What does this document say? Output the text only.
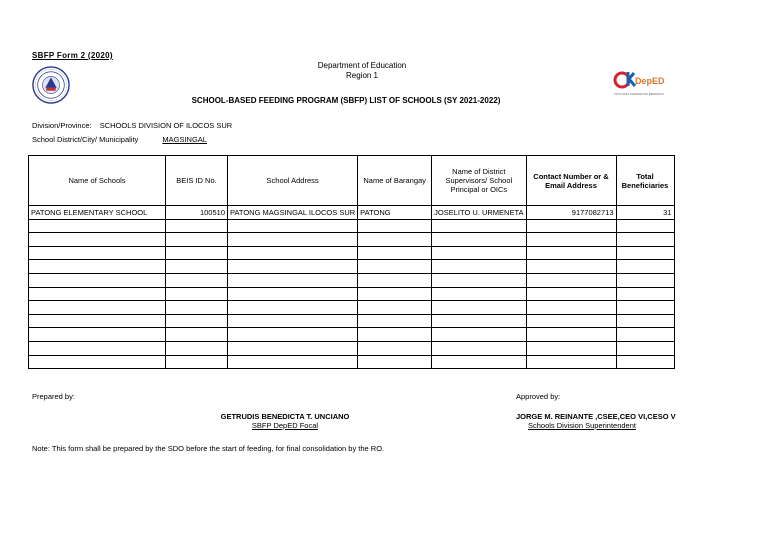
SBFP Form 2 (2020)
Department of Education
Region 1
SCHOOL-BASED FEEDING PROGRAM (SBFP) LIST OF SCHOOLS (SY 2021-2022)
DepED
TAYO ANG KALIDAD NG EDUKASYON
Division/Province: SCHOOLS DIVISION OF ILOCOS SUR
School District/City/ Municipality	MAGSINGAL
Name of Schools	BEIS ID No.	School Address	Name of Barangay	Name of District Supervisors/ School Principal or OICs	Contact Number or & Email Address	Total Beneficiaries
PATONG ELEMENTARY SCHOOL	100510	PATONG MAGSINGAL ILOCOS SUR	PATONG	JOSELITO U. URMENETA	9177082713	31

Prepared by:	Approved by:
GETRUDIS BENEDICTA T. UNCIANO
SBFP DepED Focal
JORGE M. REINANTE ,CSEE,CEO VI,CESO V
Schools Division Superintendent
Note: This form shall be prepared by the SDO before the start of feeding, for final consolidation by the RO.
